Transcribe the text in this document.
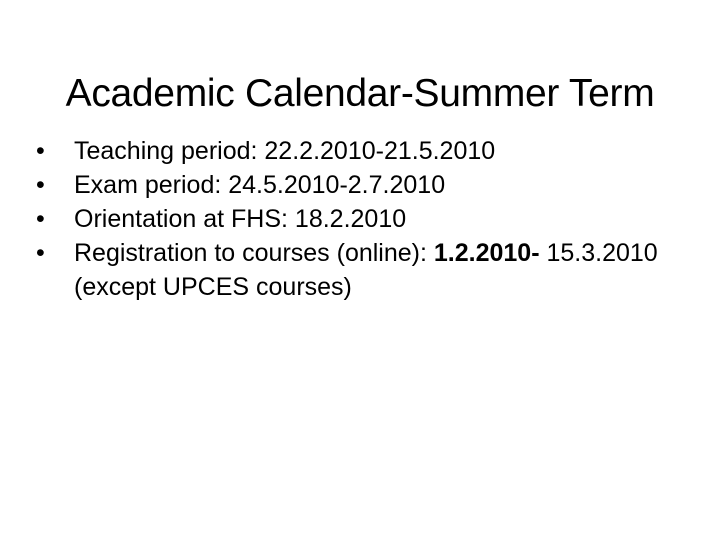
Academic Calendar-Summer Term
•	Teaching period: 22.2.2010-21.5.2010
•	Exam period: 24.5.2010-2.7.2010
•	Orientation at FHS: 18.2.2010
•	Registration to courses (online): 1.2.2010- 15.3.2010 (except UPCES courses)
